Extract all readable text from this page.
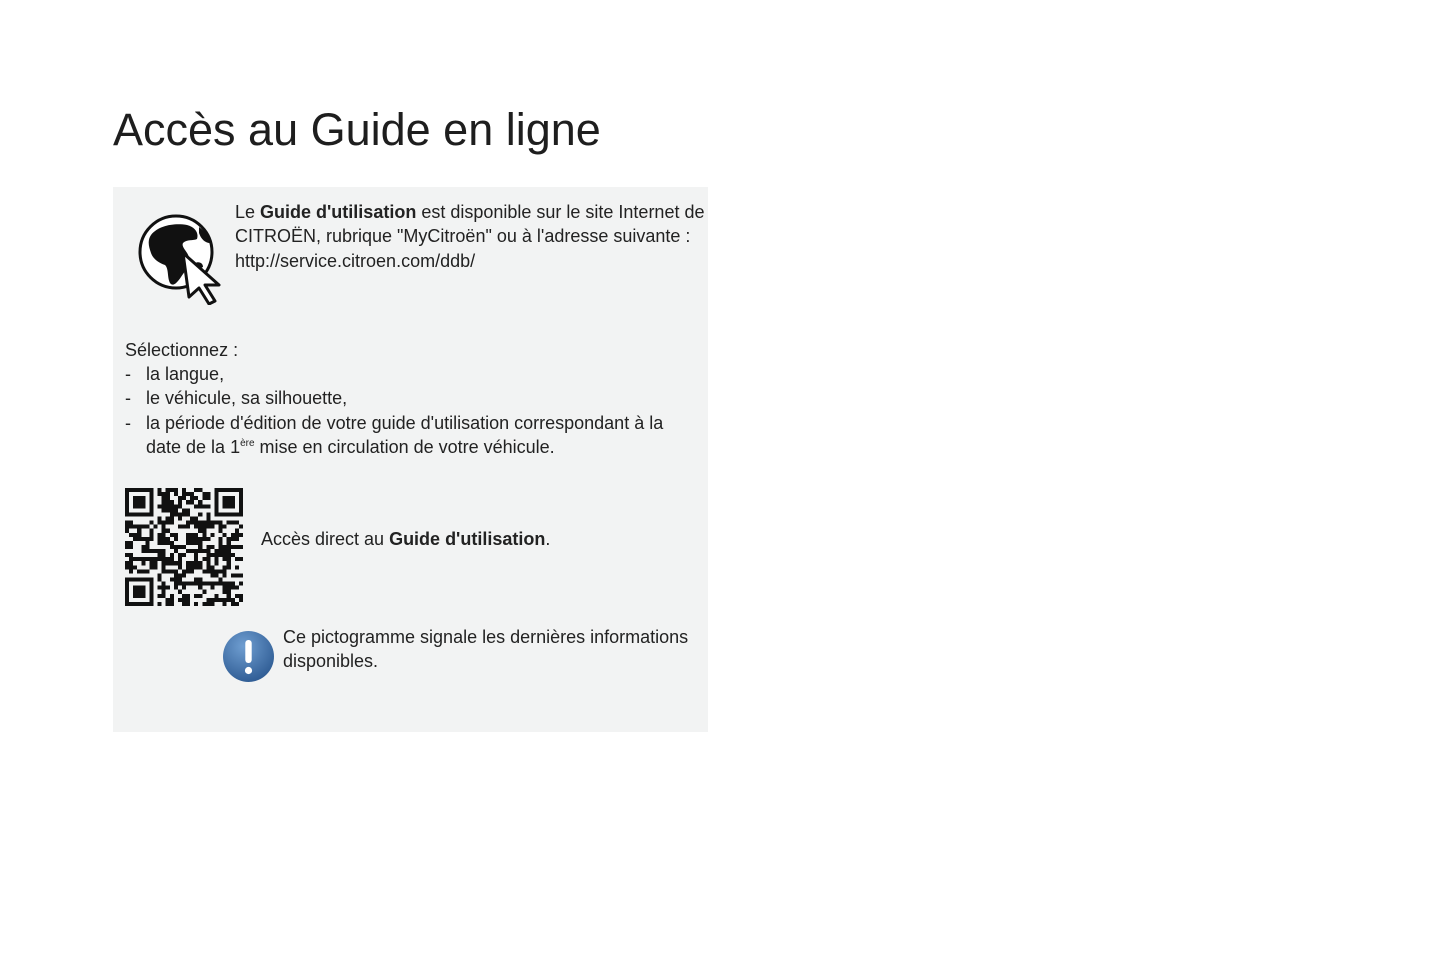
Accès au Guide en ligne
Le Guide d'utilisation est disponible sur le site Internet de CITROËN, rubrique "MyCitroën" ou à l'adresse suivante :
http://service.citroen.com/ddb/
Sélectionnez :
- la langue,
- le véhicule, sa silhouette,
- la période d'édition de votre guide d'utilisation correspondant à la date de la 1ère mise en circulation de votre véhicule.
Accès direct au Guide d'utilisation.
Ce pictogramme signale les dernières informations disponibles.
